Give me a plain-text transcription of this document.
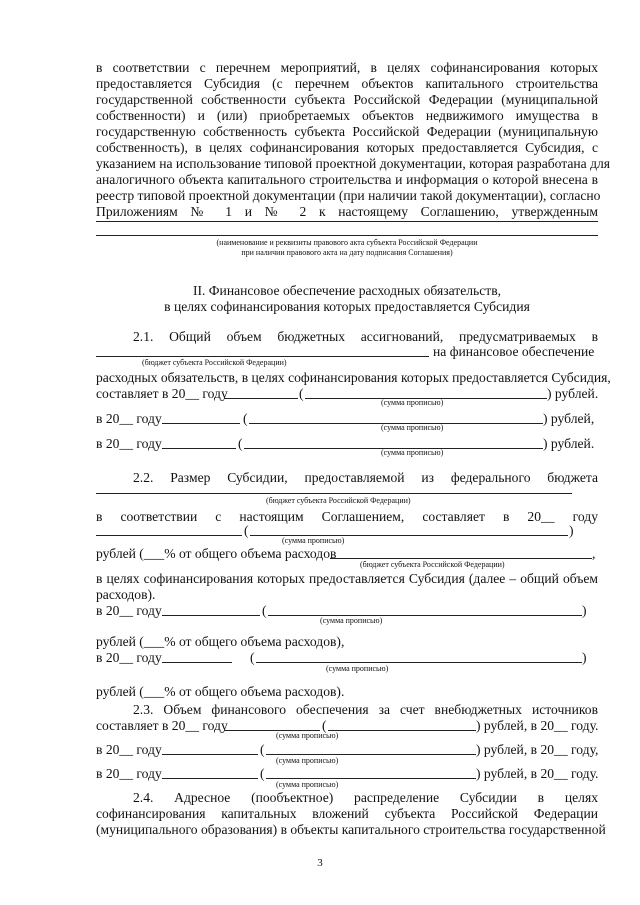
в соответствии с перечнем мероприятий, в целях софинансирования которых
предоставляется Субсидия (с перечнем объектов капитального строительства
государственной собственности субъекта Российской Федерации (муниципальной
собственности) и (или) приобретаемых объектов недвижимого имущества в
государственную собственность субъекта Российской Федерации (муниципальную
собственность), в целях софинансирования которых предоставляется Субсидия, с
указанием на использование типовой проектной документации, которая разработана для
аналогичного объекта капитального строительства и информация о которой внесена в
реестр типовой проектной документации (при наличии такой документации), согласно
Приложениям № 1 и № 2 к настоящему Соглашению, утвержденным
(наименование и реквизиты правового акта субъекта Российской Федерации
при наличии правового акта на дату подписания Соглашения)
II. Финансовое обеспечение расходных обязательств,
в целях софинансирования которых предоставляется Субсидия
2.1. Общий объем бюджетных ассигнований, предусматриваемых в
на финансовое обеспечение
(бюджет субъекта Российской Федерации)
расходных обязательств, в целях софинансирования которых предоставляется Субсидия,
составляет в 20__ году	(	) рублей.
(сумма прописью)
в 20__ году	(	) рублей,
(сумма прописью)
в 20__ году	(	) рублей.
(сумма прописью)
2.2. Размер Субсидии, предоставляемой из федерального бюджета
(бюджет субъекта Российской Федерации)
в соответствии с настоящим Соглашением, составляет в 20__ году
(	)
(сумма прописью)
рублей (___% от общего объема расходов	,
(бюджет субъекта Российской Федерации)
в целях софинансирования которых предоставляется Субсидия (далее – общий объем
расходов).
в 20__ году	(	)
(сумма прописью)
рублей (___% от общего объема расходов),
в 20__ году	(	)
(сумма прописью)
рублей (___% от общего объема расходов).
2.3. Объем финансового обеспечения за счет внебюджетных источников
составляет в 20__ году	(	) рублей, в 20__ году.
(сумма прописью)
в 20__ году	(	) рублей, в 20__ году,
(сумма прописью)
в 20__ году	(	) рублей, в 20__ году.
(сумма прописью)
2.4. Адресное (пообъектное) распределение Субсидии в целях
софинансирования капитальных вложений субъекта Российской Федерации
(муниципального образования) в объекты капитального строительства государственной
3
